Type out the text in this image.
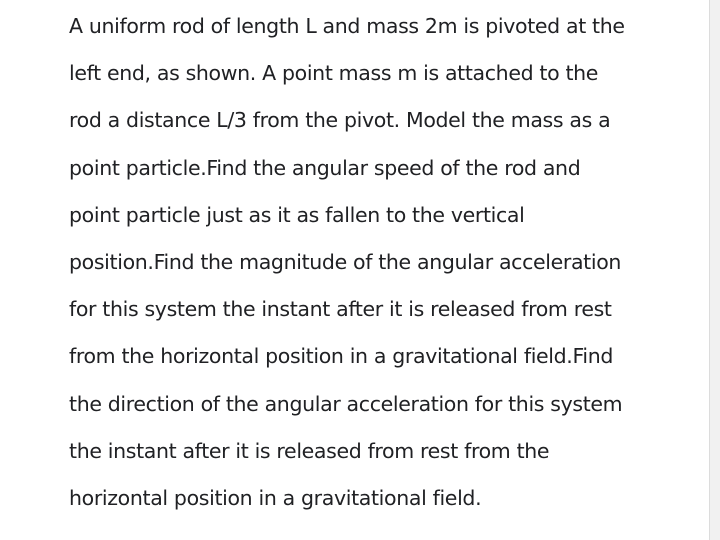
A uniform rod of length L and mass 2m is pivoted at the
left end, as shown. A point mass m is attached to the
rod a distance L/3 from the pivot. Model the mass as a
point particle.Find the angular speed of the rod and
point particle just as it as fallen to the vertical
position.Find the magnitude of the angular acceleration
for this system the instant after it is released from rest
from the horizontal position in a gravitational field.Find
the direction of the angular acceleration for this system
the instant after it is released from rest from the
horizontal position in a gravitational field.
